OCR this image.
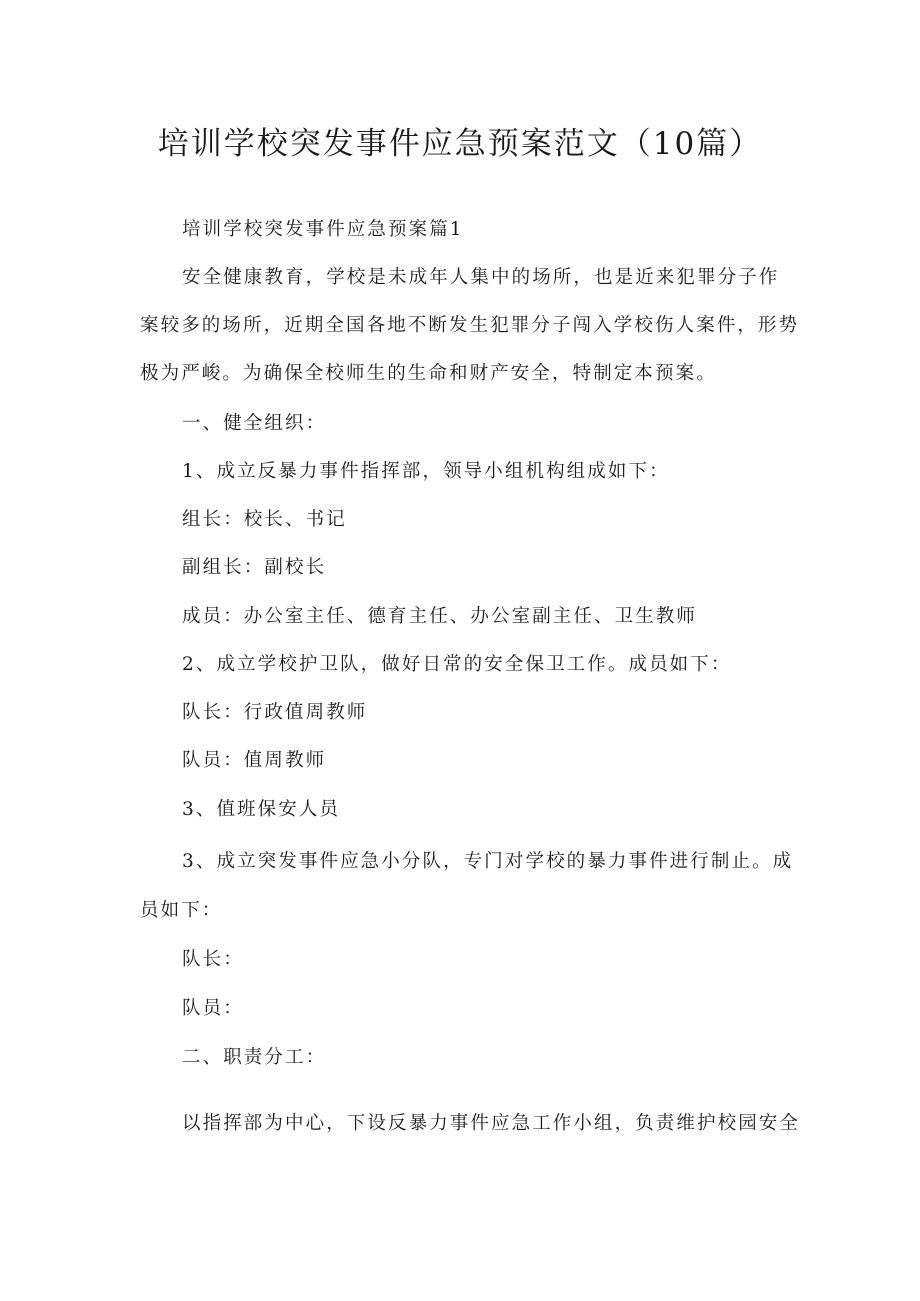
培训学校突发事件应急预案范文（10篇）

培训学校突发事件应急预案篇1

安全健康教育，学校是未成年人集中的场所，也是近来犯罪分子作

案较多的场所，近期全国各地不断发生犯罪分子闯入学校伤人案件，形势

极为严峻。为确保全校师生的生命和财产安全，特制定本预案。

一、健全组织：

1、成立反暴力事件指挥部，领导小组机构组成如下：

组长：校长、书记

副组长：副校长

成员：办公室主任、德育主任、办公室副主任、卫生教师

2、成立学校护卫队，做好日常的安全保卫工作。成员如下：

队长：行政值周教师

队员：值周教师

3、值班保安人员

3、成立突发事件应急小分队，专门对学校的暴力事件进行制止。成

员如下：

队长：

队员：

二、职责分工：

以指挥部为中心，下设反暴力事件应急工作小组，负责维护校园安全
